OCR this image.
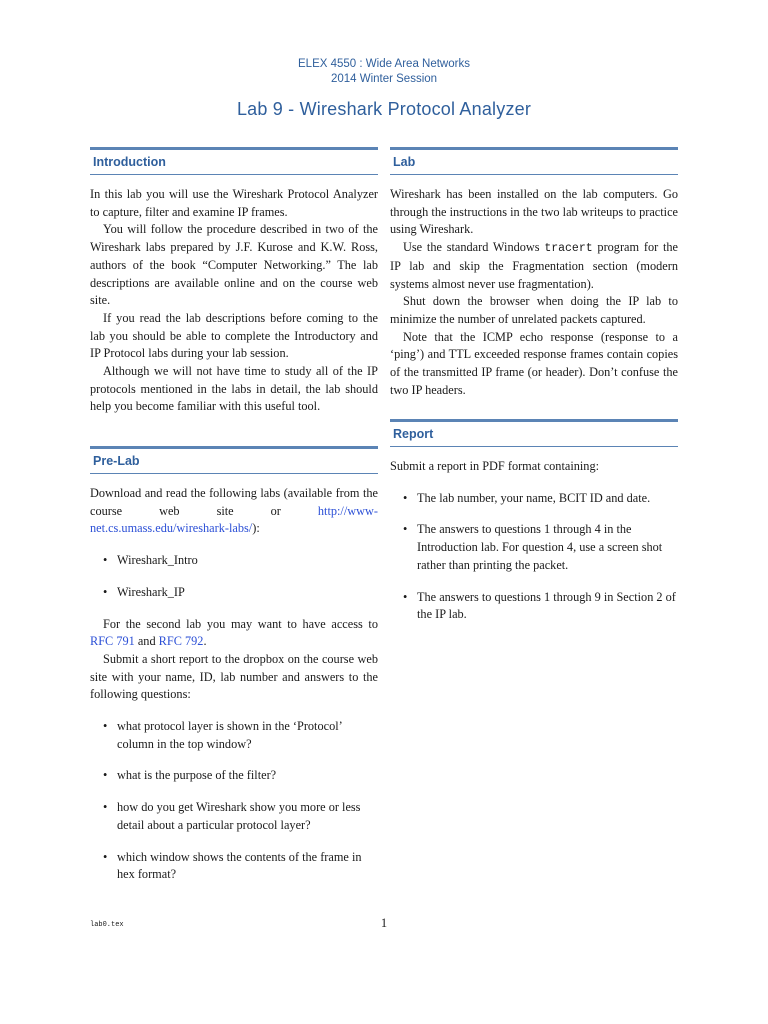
ELEX 4550 : Wide Area Networks
2014 Winter Session
Lab 9 - Wireshark Protocol Analyzer
Introduction

In this lab you will use the Wireshark Protocol Analyzer to capture, filter and examine IP frames.

You will follow the procedure described in two of the Wireshark labs prepared by J.F. Kurose and K.W. Ross, authors of the book “Computer Networking.” The lab descriptions are available online and on the course web site.

If you read the lab descriptions before coming to the lab you should be able to complete the Introductory and IP Protocol labs during your lab session.

Although we will not have time to study all of the IP protocols mentioned in the labs in detail, the lab should help you become familiar with this useful tool.

Pre-Lab

Download and read the following labs (available from the course web site or http://www-net.cs.umass.edu/wireshark-labs/):

• Wireshark_Intro
• Wireshark_IP

For the second lab you may want to have access to RFC 791 and RFC 792.

Submit a short report to the dropbox on the course web site with your name, ID, lab number and answers to the following questions:

• what protocol layer is shown in the ‘Protocol’ column in the top window?
• what is the purpose of the filter?
• how do you get Wireshark show you more or less detail about a particular protocol layer?
• which window shows the contents of the frame in hex format?
Lab

Wireshark has been installed on the lab computers. Go through the instructions in the two lab writeups to practice using Wireshark.

Use the standard Windows tracert program for the IP lab and skip the Fragmentation section (modern systems almost never use fragmentation).

Shut down the browser when doing the IP lab to minimize the number of unrelated packets captured.

Note that the ICMP echo response (response to a ‘ping’) and TTL exceeded response frames contain copies of the transmitted IP frame (or header). Don’t confuse the two IP headers.

Report

Submit a report in PDF format containing:

• The lab number, your name, BCIT ID and date.
• The answers to questions 1 through 4 in the Introduction lab. For question 4, use a screen shot rather than printing the packet.
• The answers to questions 1 through 9 in Section 2 of the IP lab.
lab0.tex	1
